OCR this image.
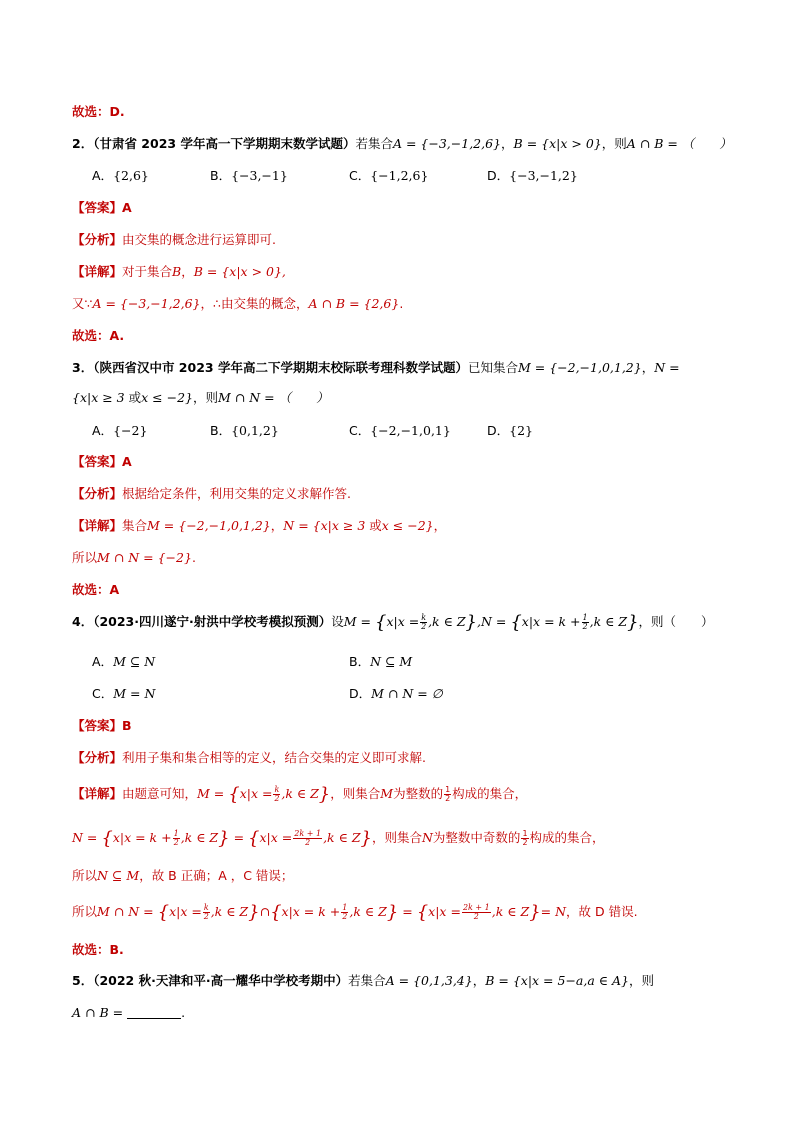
故选：D.
2．（甘肃省 2023 学年高一下学期期末数学试题）若集合A = {−3,−1,2,6}，B = {x|x > 0}，则A ∩ B = （　　）
A．{2,6}	B．{−3,−1}	C．{−1,2,6}	D．{−3,−1,2}
【答案】A
【分析】由交集的概念进行运算即可.
【详解】对于集合B，B = {x|x > 0},
又∵A = {−3,−1,2,6}，∴由交集的概念，A ∩ B = {2,6}.
故选：A.
3．（陕西省汉中市 2023 学年高二下学期期末校际联考理科数学试题）已知集合M = {−2,−1,0,1,2}，N =
{x|x ≥ 3 或x ≤ −2}，则M ∩ N = （　　）
A．{−2}	B．{0,1,2}	C．{−2,−1,0,1}	D．{2}
【答案】A
【分析】根据给定条件，利用交集的定义求解作答.
【详解】集合M = {−2,−1,0,1,2}，N = {x|x ≥ 3 或x ≤ −2}，
所以M ∩ N = {−2}.
故选：A
4．（2023·四川遂宁·射洪中学校考模拟预测）设$M = \{x|x = \frac{k}{2} ,k$ ∈ $Z\},N = \{x|x = k + \frac{1}{2} ,k$ ∈ Z}，则（　　）
A．M ⊆ N	B．N ⊆ M
C．M = N	D．M ∩ N = ∅
【答案】B
【分析】利用子集和集合相等的定义，结合交集的定义即可求解.
【详解】由题意可知，$M = \{x|x = \frac{k}{2} ,k$ ∈ Z}，则集合M为整数的 $\frac{1}{2}$ 构成的集合，
$N = \{x|x = k + \frac{1}{2} ,k$ ∈ $Z\} = \{x|x = \frac{2k + 1}{2} ,k$ ∈ Z}，则集合N为整数中奇数的 $\frac{1}{2}$ 构成的集合，
所以N ⊆ M，故 B 正确；A ，C 错误；
所以M ∩ $N = \{x|x = \frac{k}{2} ,k$ ∈ Z}∩{x|x = $k + \frac{1}{2} ,k$ ∈ $Z\} = \{x|x = \frac{2k + 1}{2} ,k$ ∈ Z}= N，故 D 错误.
故选：B.
5．（2022 秋·天津和平·高一耀华中学校考期中）若集合A = {0,1,3,4}，B = {x|x = 5−a,a ∈ A}，则
A ∩ B =	.
